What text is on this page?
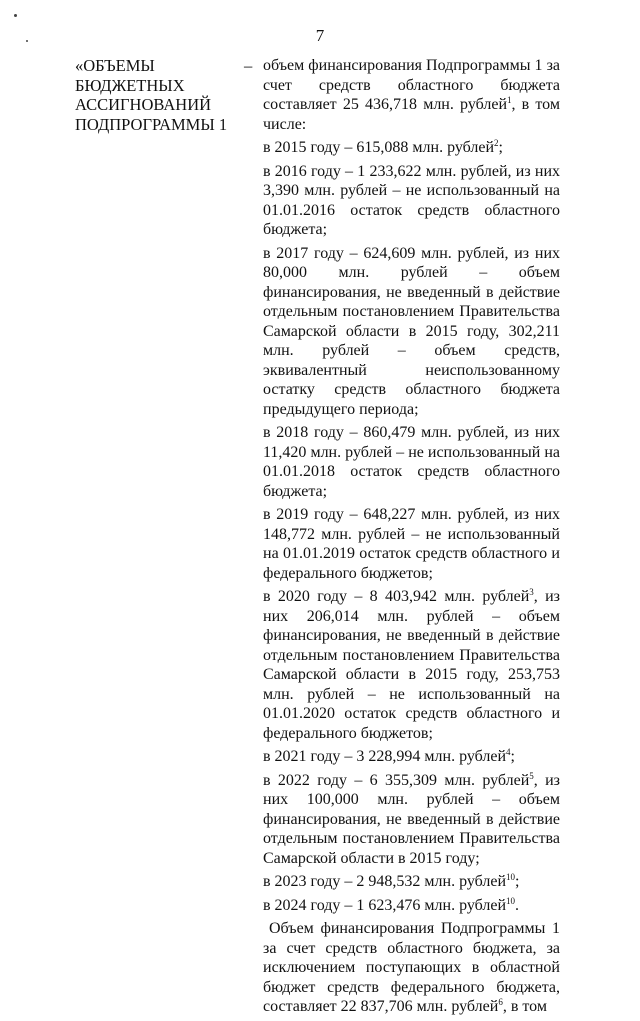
7
«ОБЪЕМЫ
БЮДЖЕТНЫХ
АССИГНОВАНИЙ
ПОДПРОГРАММЫ 1
– объем финансирования Подпрограммы 1 за счет средств областного бюджета составляет 25 436,718 млн. рублей$^1$, в том числе:
в 2015 году – 615,088 млн. рублей$^2$;
в 2016 году – 1 233,622 млн. рублей, из них 3,390 млн. рублей – не использованный на 01.01.2016 остаток средств областного бюджета;
в 2017 году – 624,609 млн. рублей, из них 80,000 млн. рублей – объем финансирования, не введенный в действие отдельным постановлением Правительства Самарской области в 2015 году, 302,211 млн. рублей – объем средств, эквивалентный неиспользованному остатку средств областного бюджета предыдущего периода;
в 2018 году – 860,479 млн. рублей, из них 11,420 млн. рублей – не использованный на 01.01.2018 остаток средств областного бюджета;
в 2019 году – 648,227 млн. рублей, из них 148,772 млн. рублей – не использованный на 01.01.2019 остаток средств областного и федерального бюджетов;
в 2020 году – 8 403,942 млн. рублей$^3$, из них 206,014 млн. рублей – объем финансирования, не введенный в действие отдельным постановлением Правительства Самарской области в 2015 году, 253,753 млн. рублей – не использованный на 01.01.2020 остаток средств областного и федерального бюджетов;
в 2021 году – 3 228,994 млн. рублей$^4$;
в 2022 году – 6 355,309 млн. рублей$^5$, из них 100,000 млн. рублей – объем финансирования, не введенный в действие отдельным постановлением Правительства Самарской области в 2015 году;
в 2023 году – 2 948,532 млн. рублей$^{10}$;
в 2024 году – 1 623,476 млн. рублей$^{10}$.
Объем финансирования Подпрограммы 1 за счет средств областного бюджета, за исключением поступающих в областной бюджет средств федерального бюджета, составляет 22 837,706 млн. рублей$^6$, в том
